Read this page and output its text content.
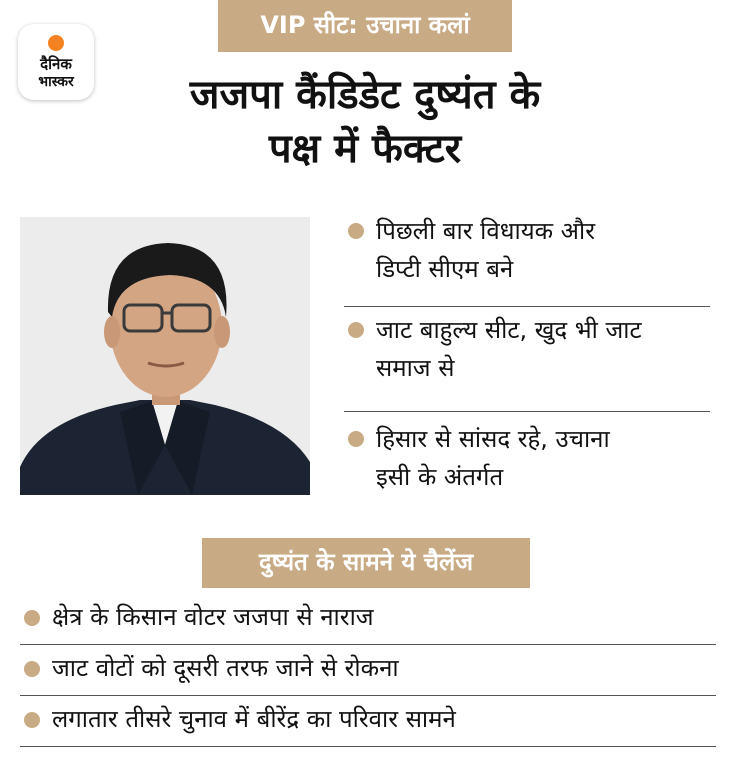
दैनिक
भास्कर
VIP सीट: उचाना कलां
जजपा कैंडिडेट दुष्यंत के
पक्ष में फैक्टर
पिछली बार विधायक और
डिप्टी सीएम बने
जाट बाहुल्य सीट, खुद भी जाट
समाज से
हिसार से सांसद रहे, उचाना
इसी के अंतर्गत
दुष्यंत के सामने ये चैलेंज
क्षेत्र के किसान वोटर जजपा से नाराज
जाट वोटों को दूसरी तरफ जाने से रोकना
लगातार तीसरे चुनाव में बीरेंद्र का परिवार सामने
